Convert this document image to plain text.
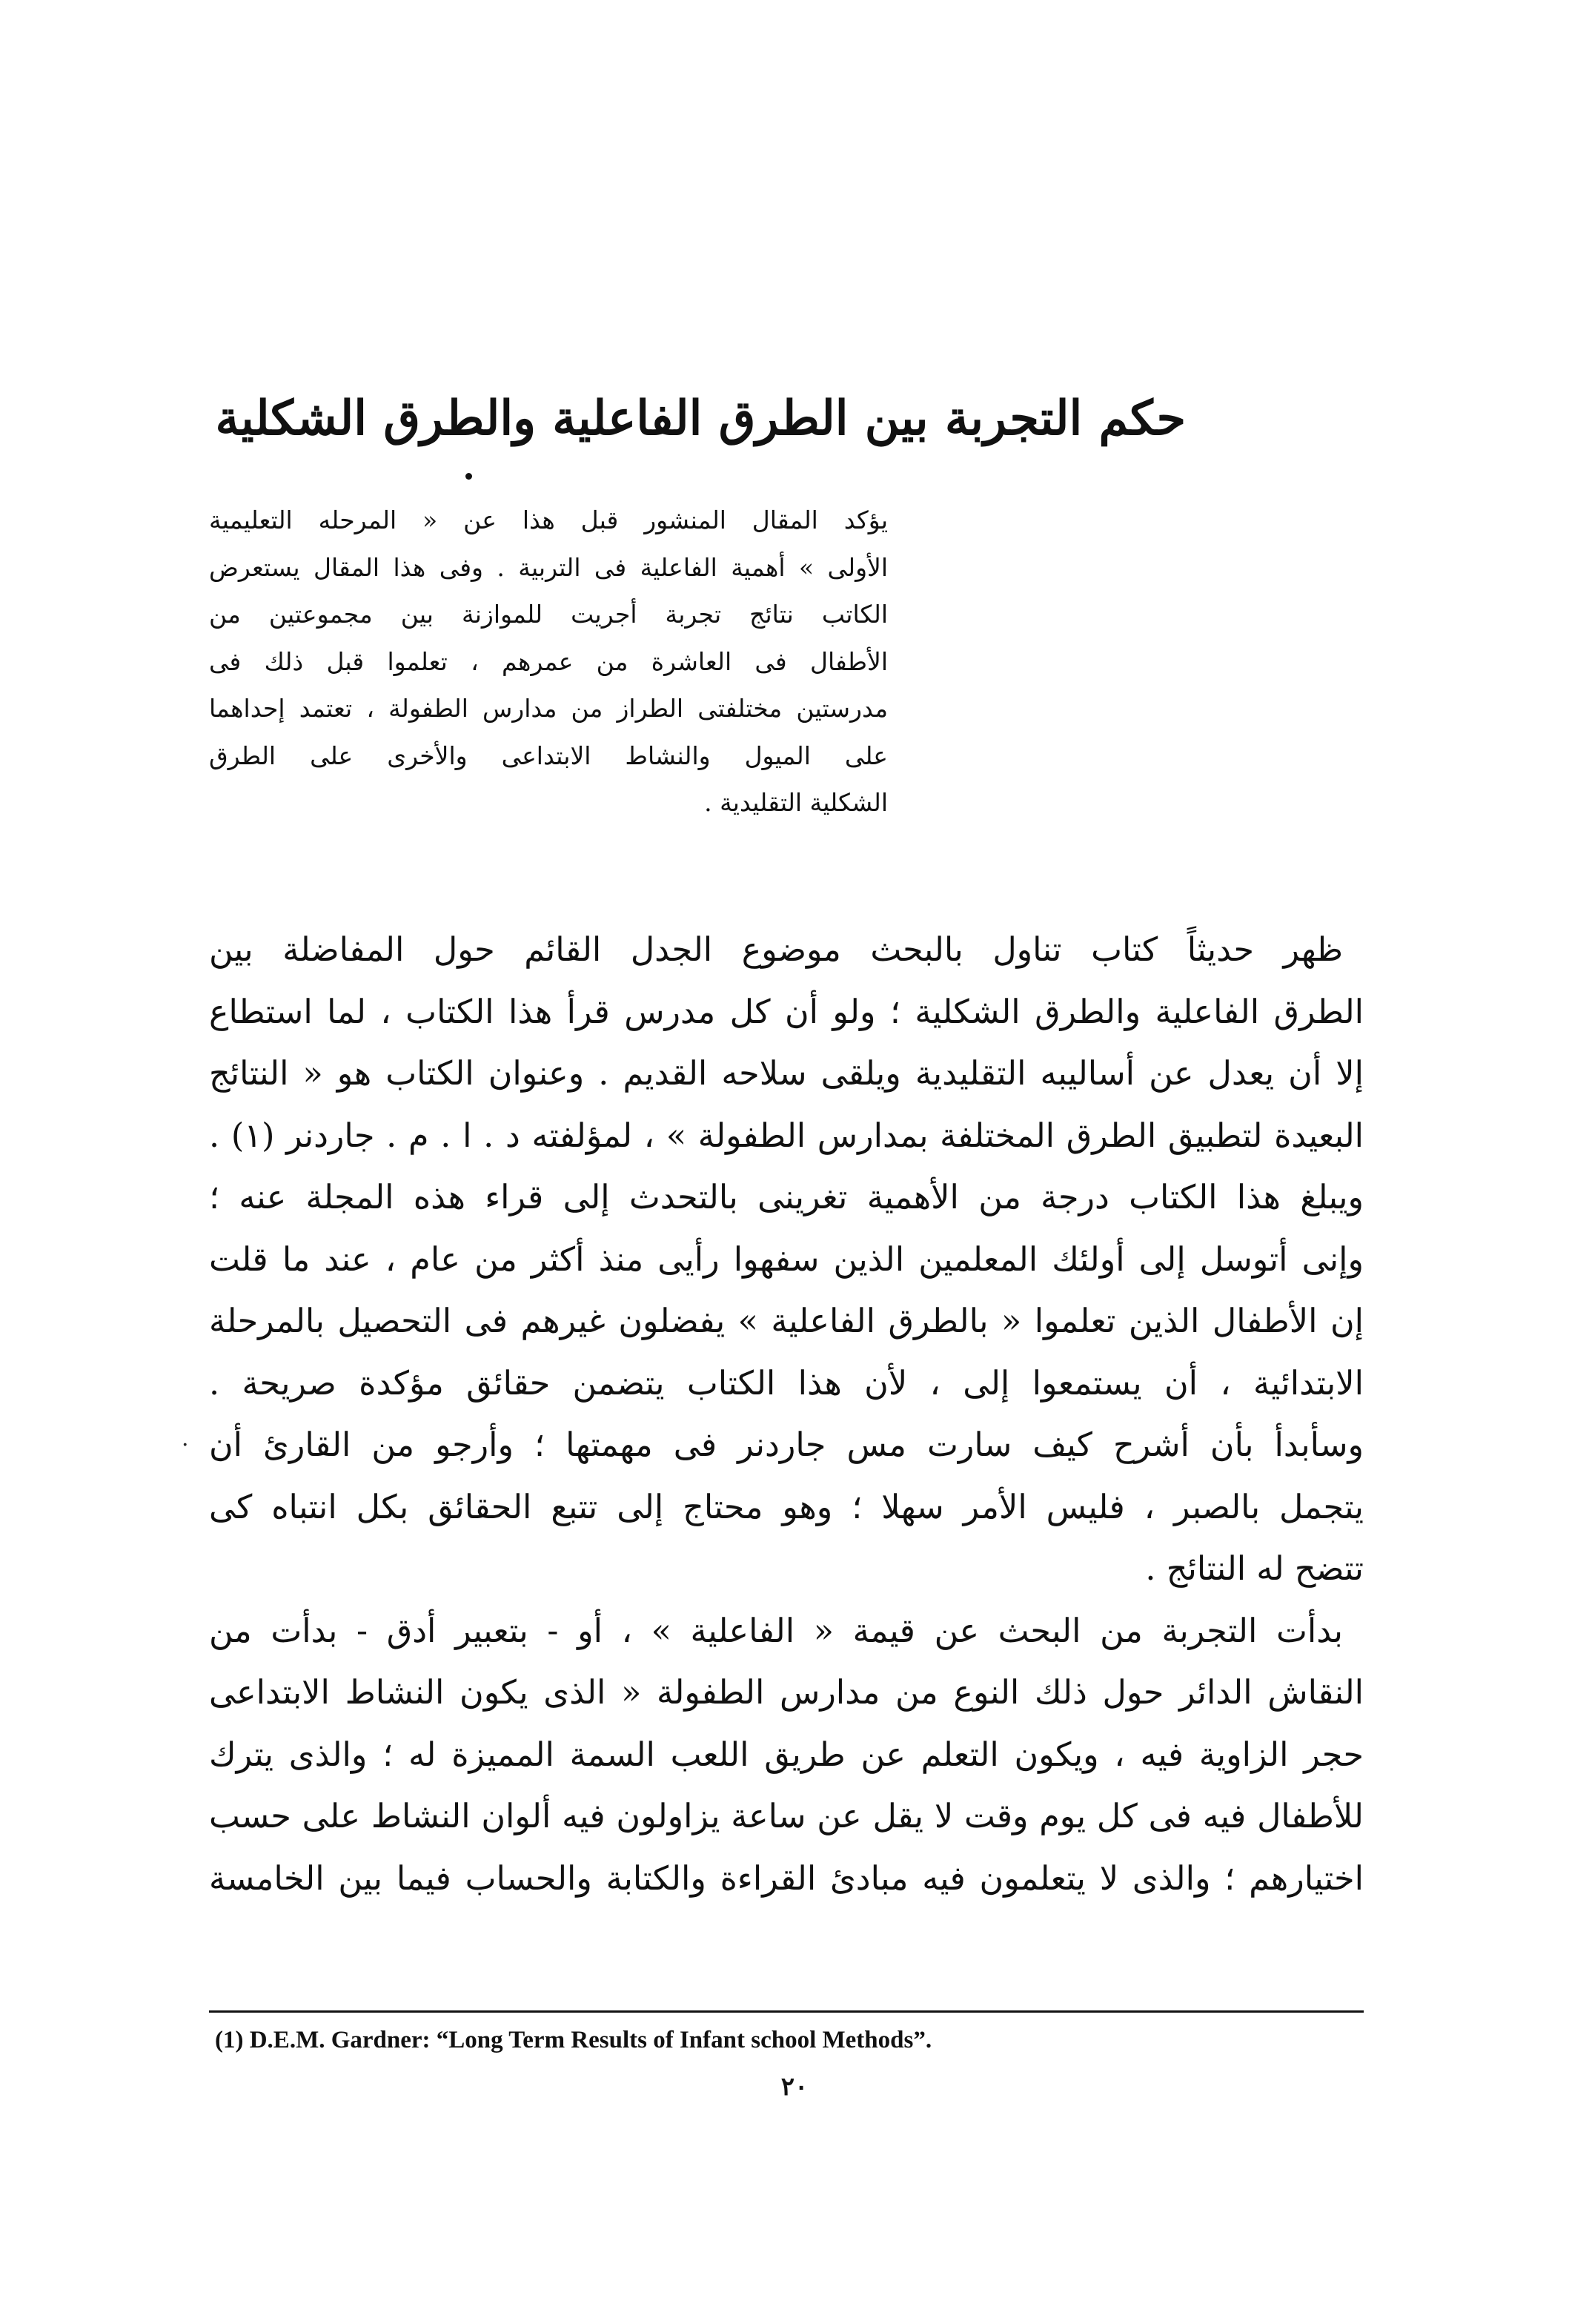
حكم التجربة بين الطرق الفاعلية والطرق الشكلية
يؤكد المقال المنشور قبل هذا عن « المرحله التعليمية
الأولى » أهمية الفاعلية فى التربية . وفى هذا المقال يستعرض
الكاتب نتائج تجربة أجريت للموازنة بين مجموعتين من
الأطفال فى العاشرة من عمرهم ، تعلموا قبل ذلك فى
مدرستين مختلفتى الطراز من مدارس الطفولة ، تعتمد إحداهما
على الميول والنشاط الابتداعى والأخرى على الطرق
الشكلية التقليدية .
ظهر حديثاً كتاب تناول بالبحث موضوع الجدل القائم حول المفاضلة بين
الطرق الفاعلية والطرق الشكلية ؛ ولو أن كل مدرس قرأ هذا الكتاب ، لما استطاع
إلا أن يعدل عن أساليبه التقليدية ويلقى سلاحه القديم . وعنوان الكتاب هو « النتائج
البعيدة لتطبيق الطرق المختلفة بمدارس الطفولة » ، لمؤلفته د . ا . م . جاردنر (١) .
ويبلغ هذا الكتاب درجة من الأهمية تغرينى بالتحدث إلى قراء هذه المجلة عنه ؛
وإنى أتوسل إلى أولئك المعلمين الذين سفهوا رأيى منذ أكثر من عام ، عند ما قلت
إن الأطفال الذين تعلموا « بالطرق الفاعلية » يفضلون غيرهم فى التحصيل بالمرحلة
الابتدائية ، أن يستمعوا إلى ، لأن هذا الكتاب يتضمن حقائق مؤكدة صريحة .
وسأبدأ بأن أشرح كيف سارت مس جاردنر فى مهمتها ؛ وأرجو من القارئ أن
يتجمل بالصبر ، فليس الأمر سهلا ؛ وهو محتاج إلى تتبع الحقائق بكل انتباه كى
تتضح له النتائج .
بدأت التجربة من البحث عن قيمة « الفاعلية » ، أو - بتعبير أدق - بدأت من
النقاش الدائر حول ذلك النوع من مدارس الطفولة « الذى يكون النشاط الابتداعى
حجر الزاوية فيه ، ويكون التعلم عن طريق اللعب السمة المميزة له ؛ والذى يترك
للأطفال فيه فى كل يوم وقت لا يقل عن ساعة يزاولون فيه ألوان النشاط على حسب
اختيارهم ؛ والذى لا يتعلمون فيه مبادئ القراءة والكتابة والحساب فيما بين الخامسة
·
(1) D.E.M. Gardner: “Long Term Results of Infant school Methods”.
٢٠
